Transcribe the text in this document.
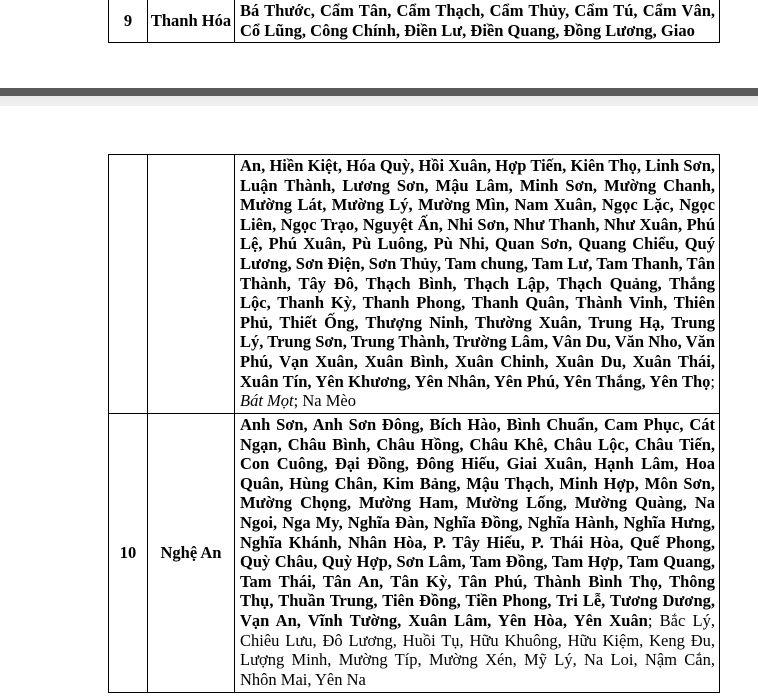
9	Thanh Hóa	Bá Thước, Cẩm Tân, Cẩm Thạch, Cẩm Thủy, Cẩm Tú, Cẩm Vân, Cổ Lũng, Công Chính, Điền Lư, Điền Quang, Đồng Lương, Giao
		An, Hiền Kiệt, Hóa Quỳ, Hồi Xuân, Hợp Tiến, Kiên Thọ, Linh Sơn, Luận Thành, Lương Sơn, Mậu Lâm, Minh Sơn, Mường Chanh, Mường Lát, Mường Lý, Mường Mìn, Nam Xuân, Ngọc Lặc, Ngọc Liên, Ngọc Trạo, Nguyệt Ấn, Nhi Sơn, Như Thanh, Như Xuân, Phú Lệ, Phú Xuân, Pù Luông, Pù Nhi, Quan Sơn, Quang Chiểu, Quý Lương, Sơn Điện, Sơn Thủy, Tam chung, Tam Lư, Tam Thanh, Tân Thành, Tây Đô, Thạch Bình, Thạch Lập, Thạch Quảng, Thắng Lộc, Thanh Kỳ, Thanh Phong, Thanh Quân, Thành Vinh, Thiên Phủ, Thiết Ống, Thượng Ninh, Thường Xuân, Trung Hạ, Trung Lý, Trung Sơn, Trung Thành, Trường Lâm, Vân Du, Văn Nho, Văn Phú, Vạn Xuân, Xuân Bình, Xuân Chinh, Xuân Du, Xuân Thái, Xuân Tín, Yên Khương, Yên Nhân, Yên Phú, Yên Thắng, Yên Thọ; Bát Mọt; Na Mèo
10	Nghệ An	Anh Sơn, Anh Sơn Đông, Bích Hào, Bình Chuẩn, Cam Phục, Cát Ngạn, Châu Bình, Châu Hồng, Châu Khê, Châu Lộc, Châu Tiến, Con Cuông, Đại Đồng, Đông Hiếu, Giai Xuân, Hạnh Lâm, Hoa Quân, Hùng Chân, Kim Bảng, Mậu Thạch, Minh Hợp, Môn Sơn, Mường Chọng, Mường Ham, Mường Lống, Mường Quàng, Na Ngoi, Nga My, Nghĩa Đàn, Nghĩa Đồng, Nghĩa Hành, Nghĩa Hưng, Nghĩa Khánh, Nhân Hòa, P. Tây Hiếu, P. Thái Hòa, Quế Phong, Quỳ Châu, Quỳ Hợp, Sơn Lâm, Tam Đồng, Tam Hợp, Tam Quang, Tam Thái, Tân An, Tân Kỳ, Tân Phú, Thành Bình Thọ, Thông Thụ, Thuần Trung, Tiên Đồng, Tiền Phong, Tri Lễ, Tương Dương, Vạn An, Vĩnh Tường, Xuân Lâm, Yên Hòa, Yên Xuân; Bắc Lý, Chiêu Lưu, Đô Lương, Huồi Tụ, Hữu Khuông, Hữu Kiệm, Keng Đu, Lượng Minh, Mường Típ, Mường Xén, Mỹ Lý, Na Loi, Nậm Cắn, Nhôn Mai, Yên Na
